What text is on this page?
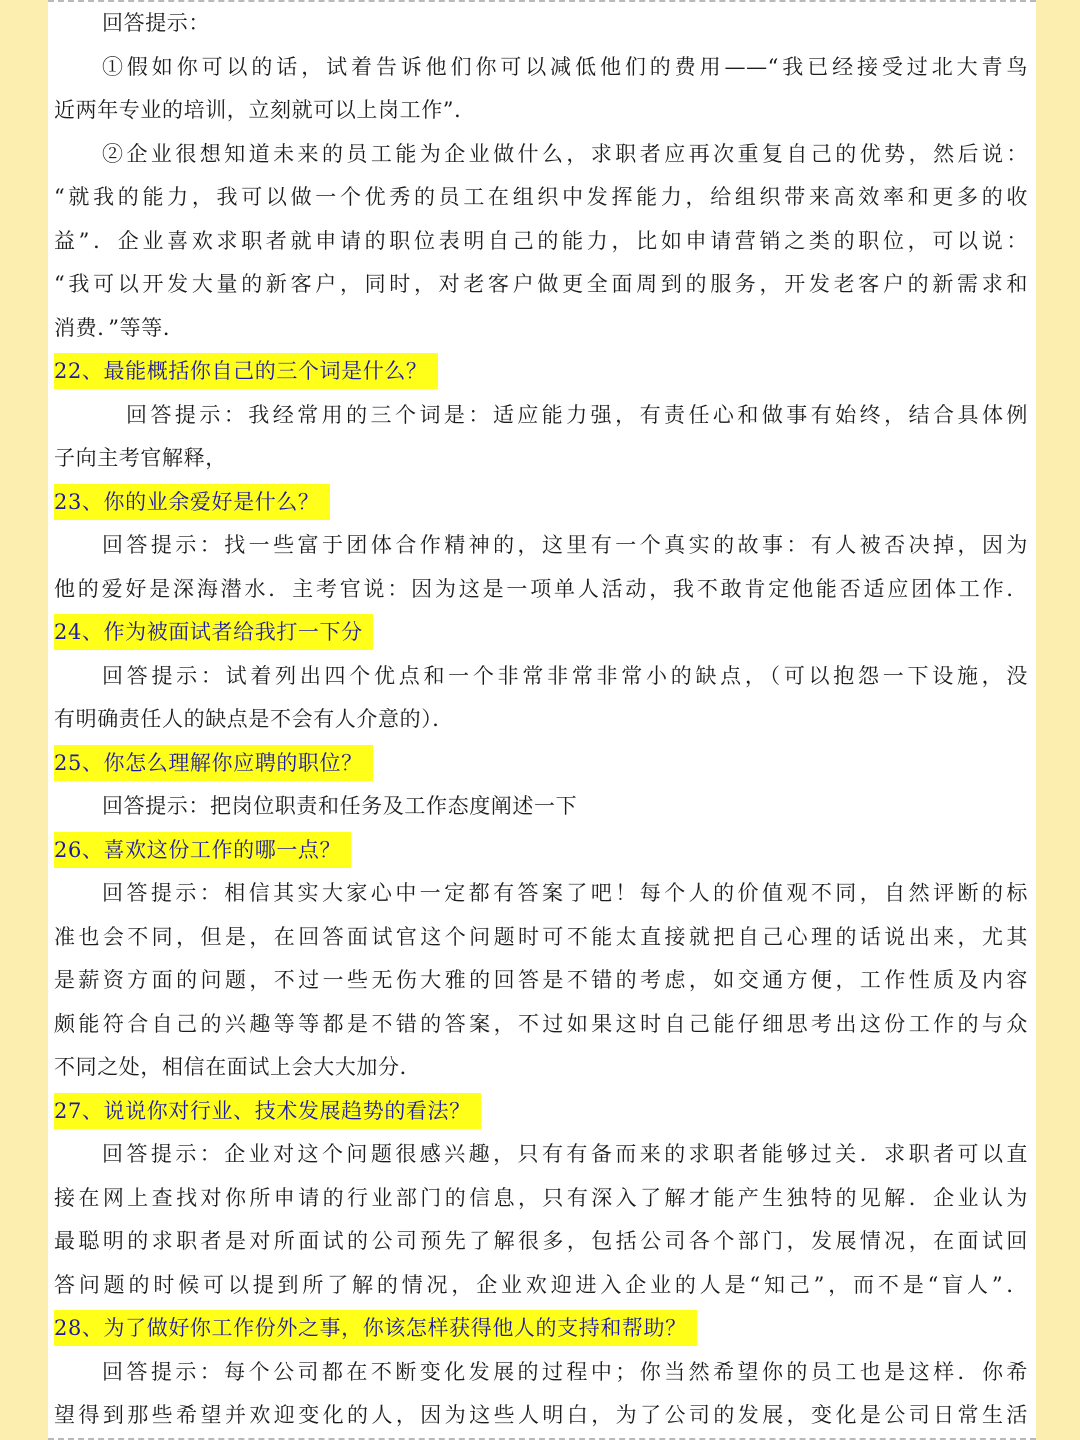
回答提示：
①假如你可以的话，试着告诉他们你可以减低他们的费用——“我已经接受过北大青鸟
近两年专业的培训，立刻就可以上岗工作”．
②企业很想知道未来的员工能为企业做什么，求职者应再次重复自己的优势，然后说：
“就我的能力，我可以做一个优秀的员工在组织中发挥能力，给组织带来高效率和更多的收
益”．企业喜欢求职者就申请的职位表明自己的能力，比如申请营销之类的职位，可以说：
“我可以开发大量的新客户，同时，对老客户做更全面周到的服务，开发老客户的新需求和
消费．”等等．
22、最能概括你自己的三个词是什么？
回答提示：我经常用的三个词是：适应能力强，有责任心和做事有始终，结合具体例
子向主考官解释，
23、你的业余爱好是什么？
回答提示：找一些富于团体合作精神的，这里有一个真实的故事：有人被否决掉，因为
他的爱好是深海潜水．主考官说：因为这是一项单人活动，我不敢肯定他能否适应团体工作．
24、作为被面试者给我打一下分
回答提示：试着列出四个优点和一个非常非常非常小的缺点，（可以抱怨一下设施，没
有明确责任人的缺点是不会有人介意的）．
25、你怎么理解你应聘的职位？
回答提示：把岗位职责和任务及工作态度阐述一下
26、喜欢这份工作的哪一点？
回答提示：相信其实大家心中一定都有答案了吧！每个人的价值观不同，自然评断的标
准也会不同，但是，在回答面试官这个问题时可不能太直接就把自己心理的话说出来，尤其
是薪资方面的问题，不过一些无伤大雅的回答是不错的考虑，如交通方便，工作性质及内容
颇能符合自己的兴趣等等都是不错的答案，不过如果这时自己能仔细思考出这份工作的与众
不同之处，相信在面试上会大大加分．
27、说说你对行业、技术发展趋势的看法？
回答提示：企业对这个问题很感兴趣，只有有备而来的求职者能够过关．求职者可以直
接在网上查找对你所申请的行业部门的信息，只有深入了解才能产生独特的见解．企业认为
最聪明的求职者是对所面试的公司预先了解很多，包括公司各个部门，发展情况，在面试回
答问题的时候可以提到所了解的情况，企业欢迎进入企业的人是“知己”，而不是“盲人”．
28、为了做好你工作份外之事，你该怎样获得他人的支持和帮助？
回答提示：每个公司都在不断变化发展的过程中；你当然希望你的员工也是这样．你希
望得到那些希望并欢迎变化的人，因为这些人明白，为了公司的发展，变化是公司日常生活
